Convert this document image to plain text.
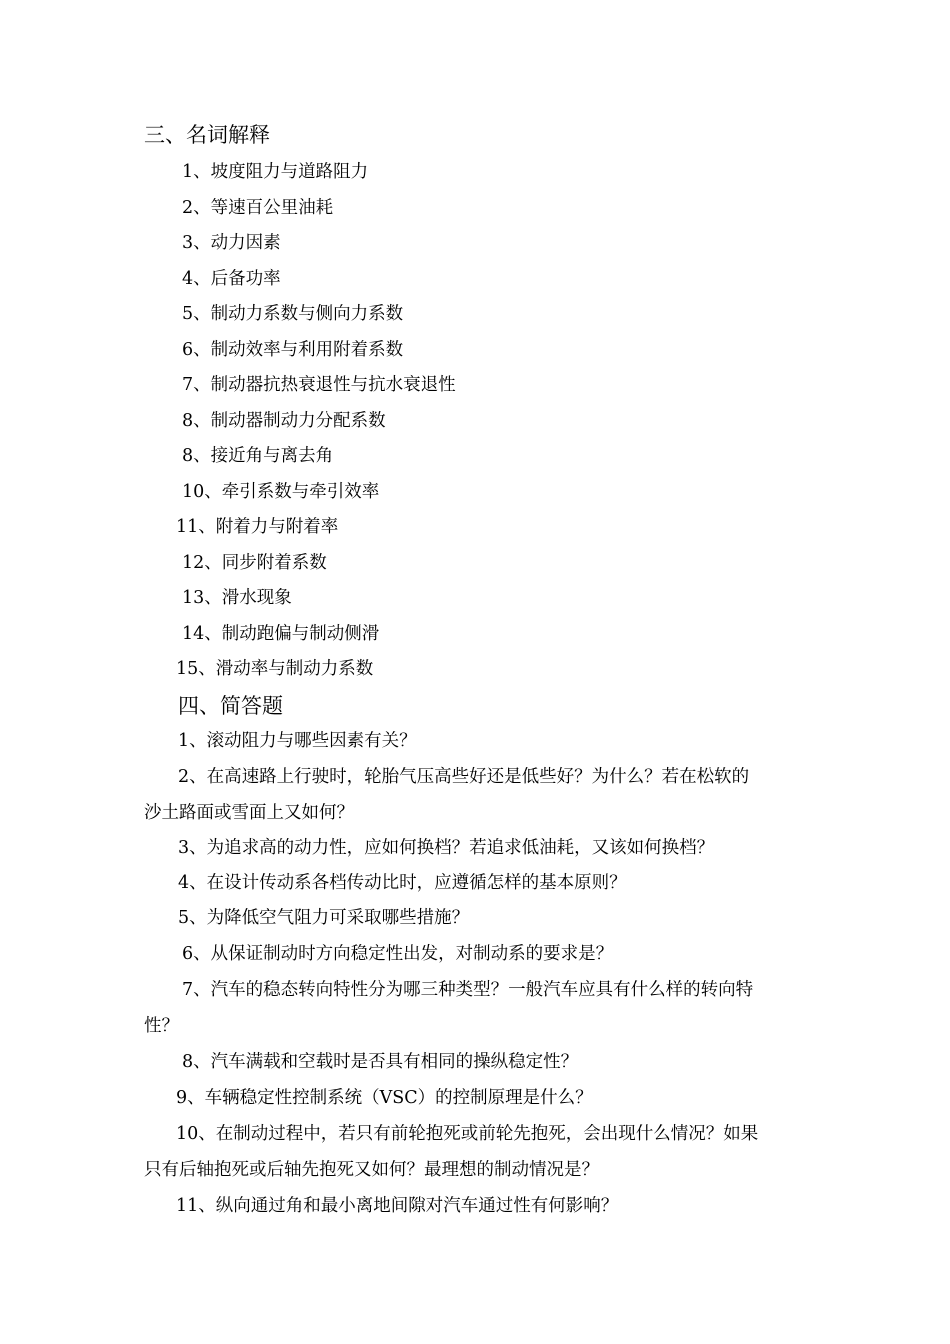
三、名词解释

1、坡度阻力与道路阻力

2、等速百公里油耗

3、动力因素

4、后备功率

5、制动力系数与侧向力系数

6、制动效率与利用附着系数

7、制动器抗热衰退性与抗水衰退性

8、制动器制动力分配系数

8、接近角与离去角

10、牵引系数与牵引效率

11、附着力与附着率

12、同步附着系数

13、滑水现象

14、制动跑偏与制动侧滑

15、滑动率与制动力系数

四、简答题

1、滚动阻力与哪些因素有关？

2、在高速路上行驶时，轮胎气压高些好还是低些好？为什么？若在松软的

沙土路面或雪面上又如何？

3、为追求高的动力性，应如何换档？若追求低油耗，又该如何换档？

4、在设计传动系各档传动比时，应遵循怎样的基本原则？

5、为降低空气阻力可采取哪些措施？

6、从保证制动时方向稳定性出发，对制动系的要求是？

7、汽车的稳态转向特性分为哪三种类型？一般汽车应具有什么样的转向特

性？

8、汽车满载和空载时是否具有相同的操纵稳定性？

9、车辆稳定性控制系统（VSC）的控制原理是什么？

10、在制动过程中，若只有前轮抱死或前轮先抱死，会出现什么情况？如果

只有后轴抱死或后轴先抱死又如何？最理想的制动情况是？

11、纵向通过角和最小离地间隙对汽车通过性有何影响？
